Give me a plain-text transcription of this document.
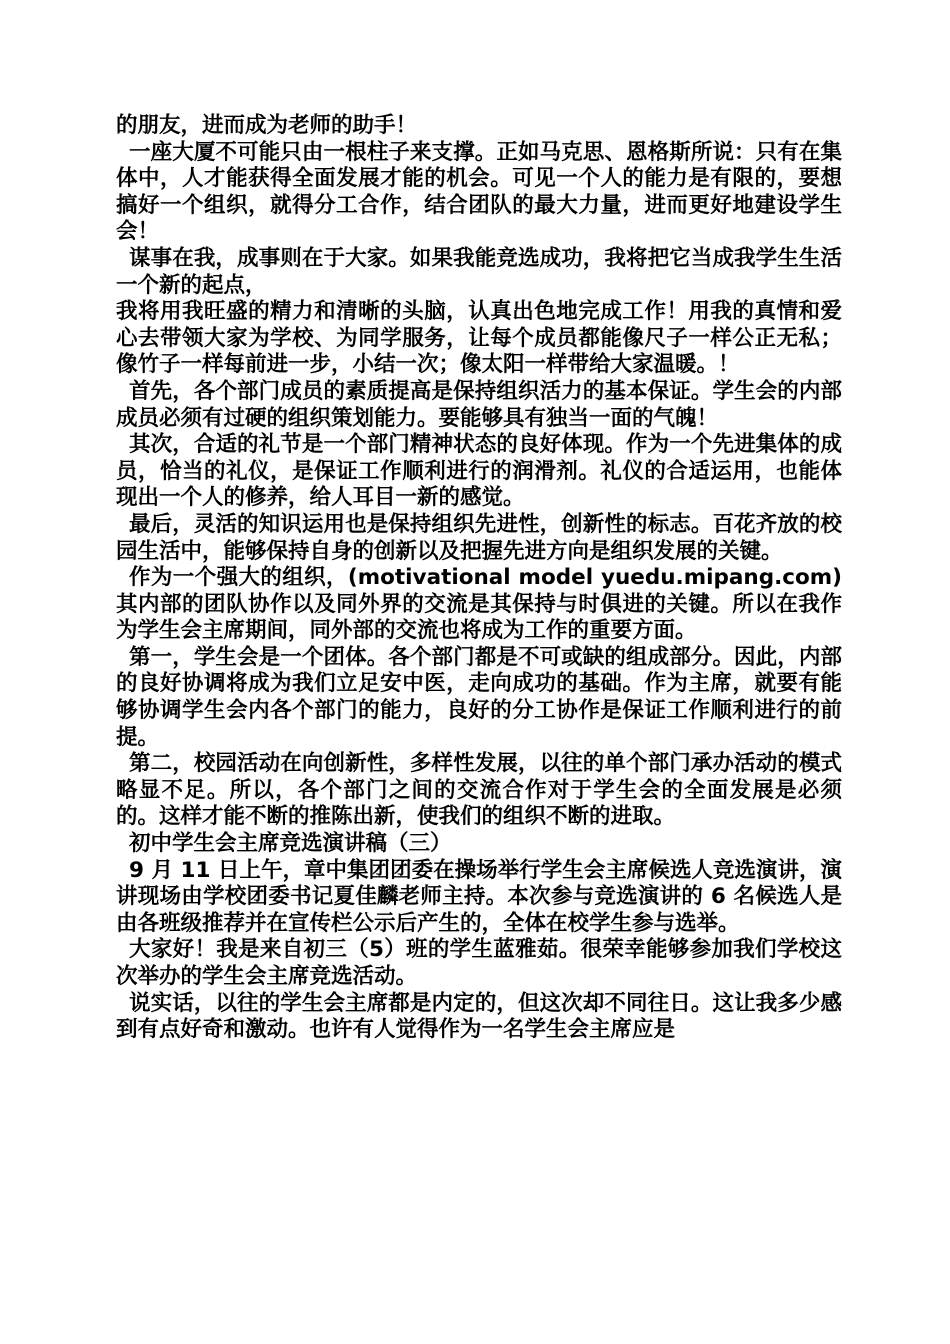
的朋友，进而成为老师的助手！

一座大厦不可能只由一根柱子来支撑。正如马克思、恩格斯所说：只有在集体中，人才能获得全面发展才能的机会。可见一个人的能力是有限的，要想搞好一个组织，就得分工合作，结合团队的最大力量，进而更好地建设学生会！

谋事在我，成事则在于大家。如果我能竞选成功，我将把它当成我学生生活一个新的起点，

我将用我旺盛的精力和清晰的头脑，认真出色地完成工作！用我的真情和爱心去带领大家为学校、为同学服务，让每个成员都能像尺子一样公正无私；像竹子一样每前进一步，小结一次；像太阳一样带给大家温暖。！

首先，各个部门成员的素质提高是保持组织活力的基本保证。学生会的内部成员必须有过硬的组织策划能力。要能够具有独当一面的气魄！

其次，合适的礼节是一个部门精神状态的良好体现。作为一个先进集体的成员，恰当的礼仪，是保证工作顺利进行的润滑剂。礼仪的合适运用，也能体现出一个人的修养，给人耳目一新的感觉。

最后，灵活的知识运用也是保持组织先进性，创新性的标志。百花齐放的校园生活中，能够保持自身的创新以及把握先进方向是组织发展的关键。

作为一个强大的组织，(motivational model yuedu.mipang.com)其内部的团队协作以及同外界的交流是其保持与时俱进的关键。所以在我作为学生会主席期间，同外部的交流也将成为工作的重要方面。

第一，学生会是一个团体。各个部门都是不可或缺的组成部分。因此，内部的良好协调将成为我们立足安中医，走向成功的基础。作为主席，就要有能够协调学生会内各个部门的能力，良好的分工协作是保证工作顺利进行的前提。

第二，校园活动在向创新性，多样性发展，以往的单个部门承办活动的模式略显不足。所以，各个部门之间的交流合作对于学生会的全面发展是必须的。这样才能不断的推陈出新，使我们的组织不断的进取。

初中学生会主席竞选演讲稿（三）

9 月 11 日上午，章中集团团委在操场举行学生会主席候选人竞选演讲，演讲现场由学校团委书记夏佳麟老师主持。本次参与竞选演讲的 6 名候选人是由各班级推荐并在宣传栏公示后产生的，全体在校学生参与选举。

大家好！我是来自初三（5）班的学生蓝雅茹。很荣幸能够参加我们学校这次举办的学生会主席竞选活动。

说实话，以往的学生会主席都是内定的，但这次却不同往日。这让我多少感到有点好奇和激动。也许有人觉得作为一名学生会主席应是
